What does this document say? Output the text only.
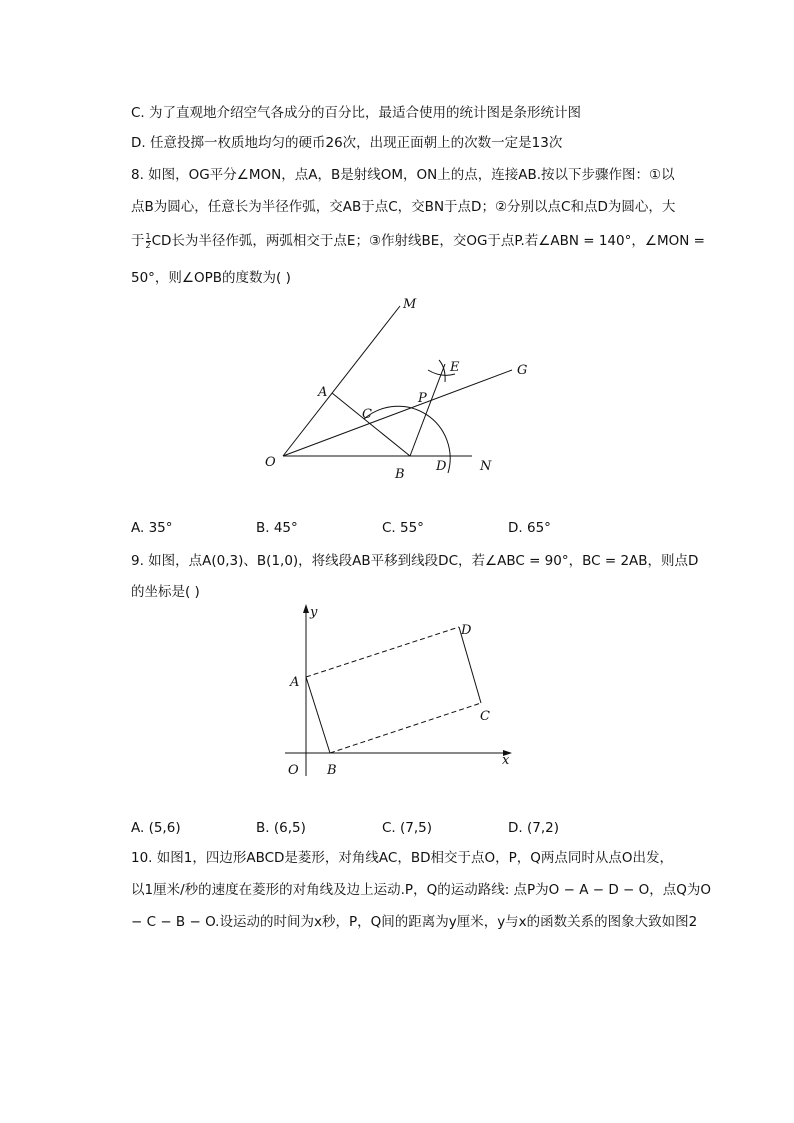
C. 为了直观地介绍空气各成分的百分比，最适合使用的统计图是条形统计图
D. 任意投掷一枚质地均匀的硬币26次，出现正面朝上的次数一定是13次
8. 如图，OG平分∠MON，点A，B是射线OM，ON上的点，连接AB.按以下步骤作图：①以
点B为圆心，任意长为半径作弧，交AB于点C，交BN于点D；②分别以点C和点D为圆心，大
于 $\frac{1}{2}$ CD长为半径作弧，两弧相交于点E；③作射线BE，交OG于点P.若∠ABN = 140°，∠MON =
50°，则∠OPB的度数为( )
M
E	G
A
C
P
O
B
D	N
A. 35°	B. 45°	C. 55°	D. 65°
9. 如图，点A(0,3)、B(1,0)，将线段AB平移到线段DC，若∠ABC = 90°，BC = 2AB，则点D
的坐标是( )
y
D
A
C
O B
x
A. (5,6)	B. (6,5)	C. (7,5)	D. (7,2)
10. 如图1，四边形ABCD是菱形，对角线AC，BD相交于点O，P，Q两点同时从点O出发，
以1厘米/秒的速度在菱形的对角线及边上运动.P，Q的运动路线: 点P为O − A − D − O，点Q为O
− C − B − O.设运动的时间为x秒，P，Q间的距离为y厘米，y与x的函数关系的图象大致如图2
